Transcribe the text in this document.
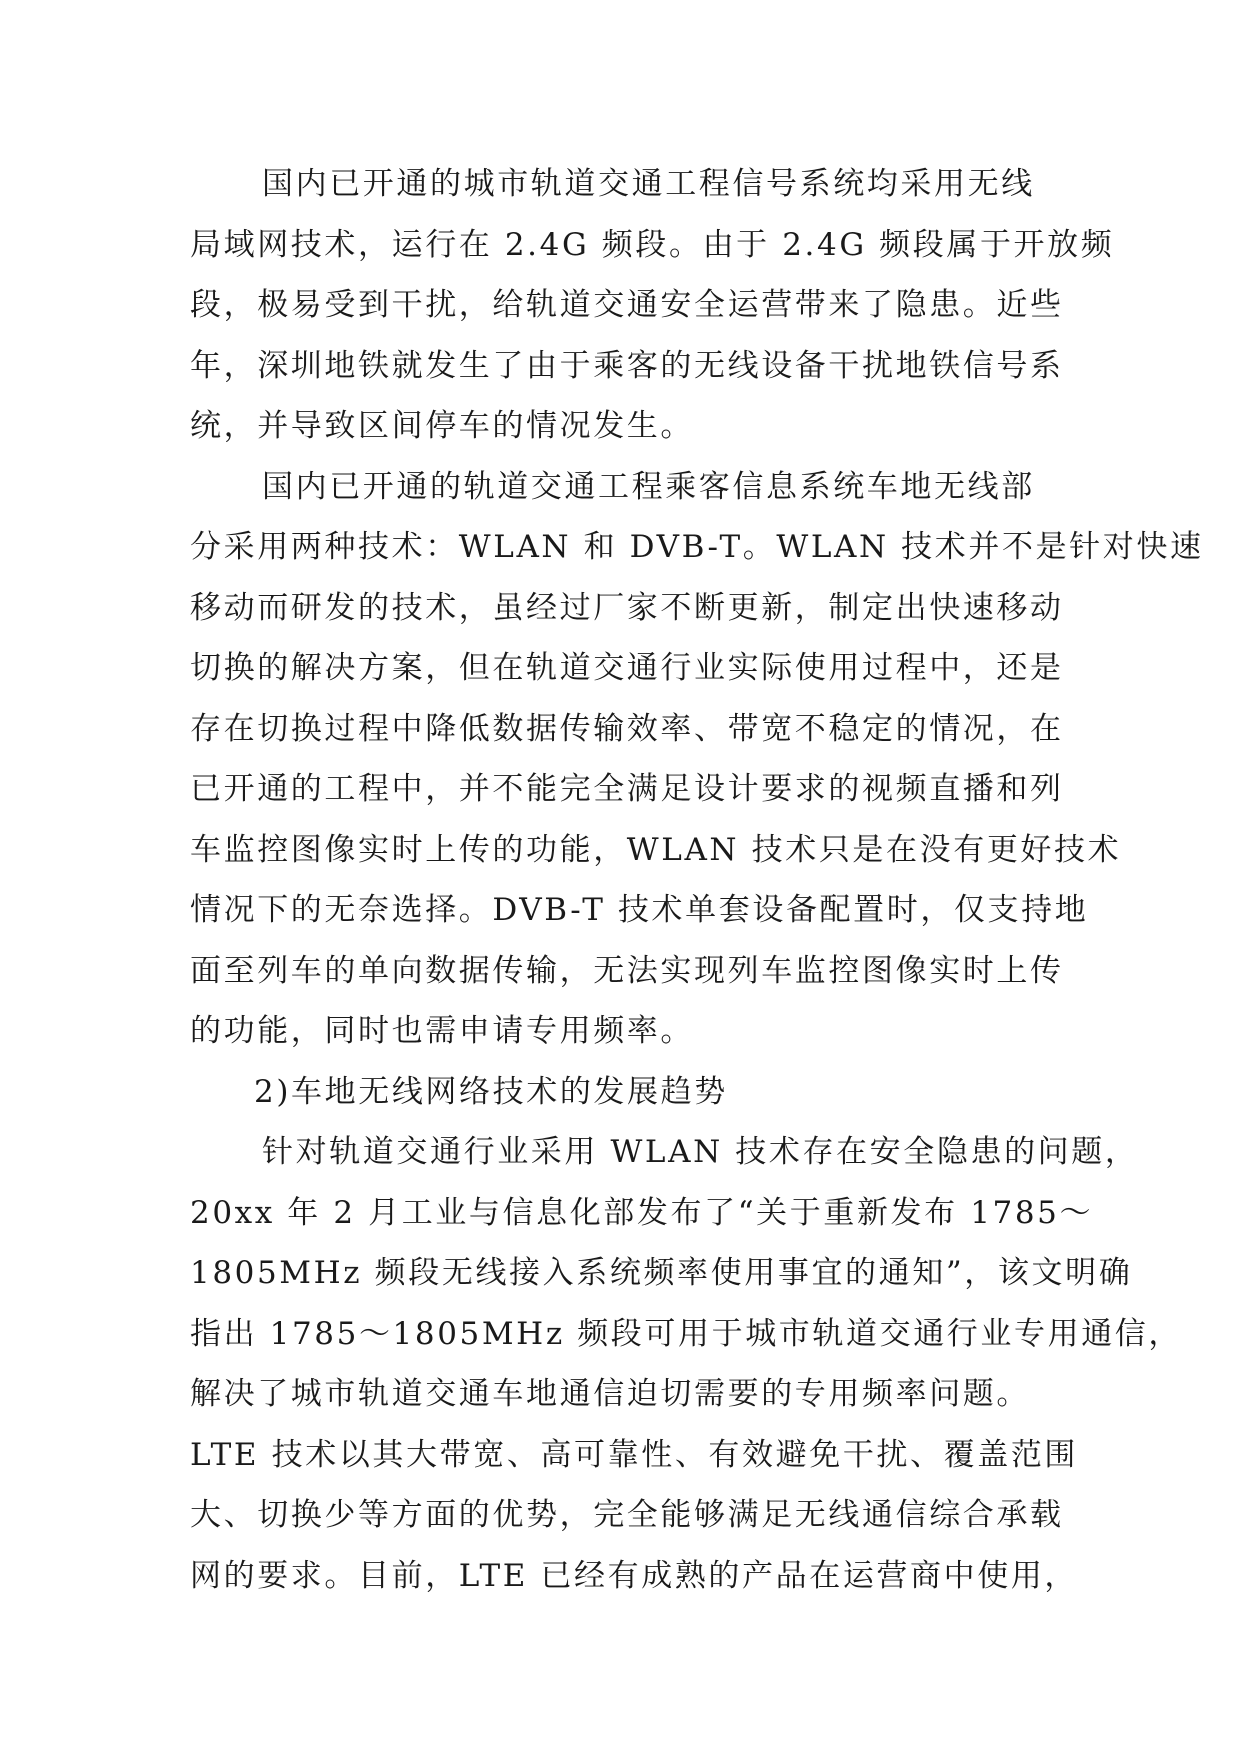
国内已开通的城市轨道交通工程信号系统均采用无线
局域网技术，运行在 2.4G 频段。由于 2.4G 频段属于开放频
段，极易受到干扰，给轨道交通安全运营带来了隐患。近些
年，深圳地铁就发生了由于乘客的无线设备干扰地铁信号系
统，并导致区间停车的情况发生。
国内已开通的轨道交通工程乘客信息系统车地无线部
分采用两种技术：WLAN 和 DVB-T。WLAN 技术并不是针对快速
移动而研发的技术，虽经过厂家不断更新，制定出快速移动
切换的解决方案，但在轨道交通行业实际使用过程中，还是
存在切换过程中降低数据传输效率、带宽不稳定的情况，在
已开通的工程中，并不能完全满足设计要求的视频直播和列
车监控图像实时上传的功能，WLAN 技术只是在没有更好技术
情况下的无奈选择。DVB-T 技术单套设备配置时，仅支持地
面至列车的单向数据传输，无法实现列车监控图像实时上传
的功能，同时也需申请专用频率。
2)车地无线网络技术的发展趋势
针对轨道交通行业采用 WLAN 技术存在安全隐患的问题，
20xx 年 2 月工业与信息化部发布了“关于重新发布 1785～
1805MHz 频段无线接入系统频率使用事宜的通知”，该文明确
指出 1785～1805MHz 频段可用于城市轨道交通行业专用通信，
解决了城市轨道交通车地通信迫切需要的专用频率问题。
LTE 技术以其大带宽、高可靠性、有效避免干扰、覆盖范围
大、切换少等方面的优势，完全能够满足无线通信综合承载
网的要求。目前，LTE 已经有成熟的产品在运营商中使用，
